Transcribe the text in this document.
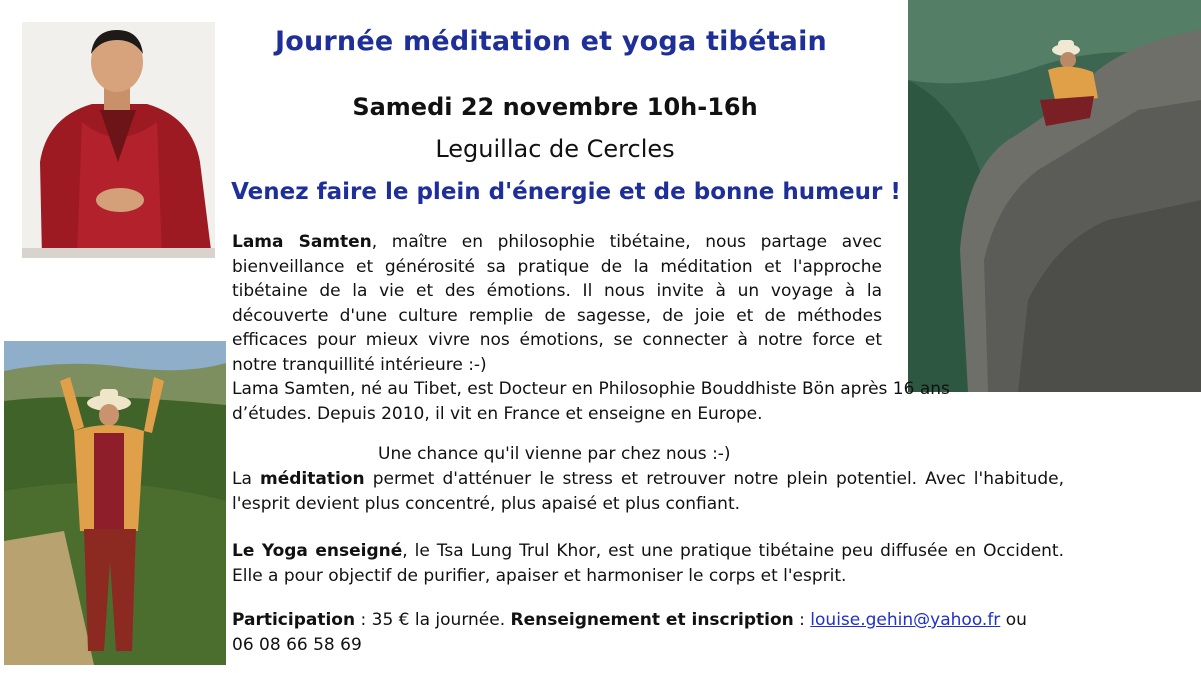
Journée méditation et yoga tibétain
Samedi 22 novembre 10h-16h
Leguillac de Cercles
Venez faire le plein d'énergie et de bonne humeur !
Lama Samten, maître en philosophie tibétaine, nous partage avec bienveillance et générosité sa pratique de la méditation et l'approche tibétaine de la vie et des émotions. Il nous invite à un voyage à la découverte d'une culture remplie de sagesse, de joie et de méthodes efficaces pour mieux vivre nos émotions, se connecter à notre force et notre tranquillité intérieure :-)
Lama Samten, né au Tibet, est Docteur en Philosophie Bouddhiste Bön après 16 ans d’études. Depuis 2010, il vit en France et enseigne en Europe.
Une chance qu'il vienne par chez nous :-)
La méditation permet d'atténuer le stress et retrouver notre plein potentiel. Avec l'habitude, l'esprit devient plus concentré, plus apaisé et plus confiant.
Le Yoga enseigné, le Tsa Lung Trul Khor, est une pratique tibétaine peu diffusée en Occident. Elle a pour objectif de purifier, apaiser et harmoniser le corps et l'esprit.
Participation : 35 € la journée. Renseignement et inscription : louise.gehin@yahoo.fr ou
06 08 66 58 69
